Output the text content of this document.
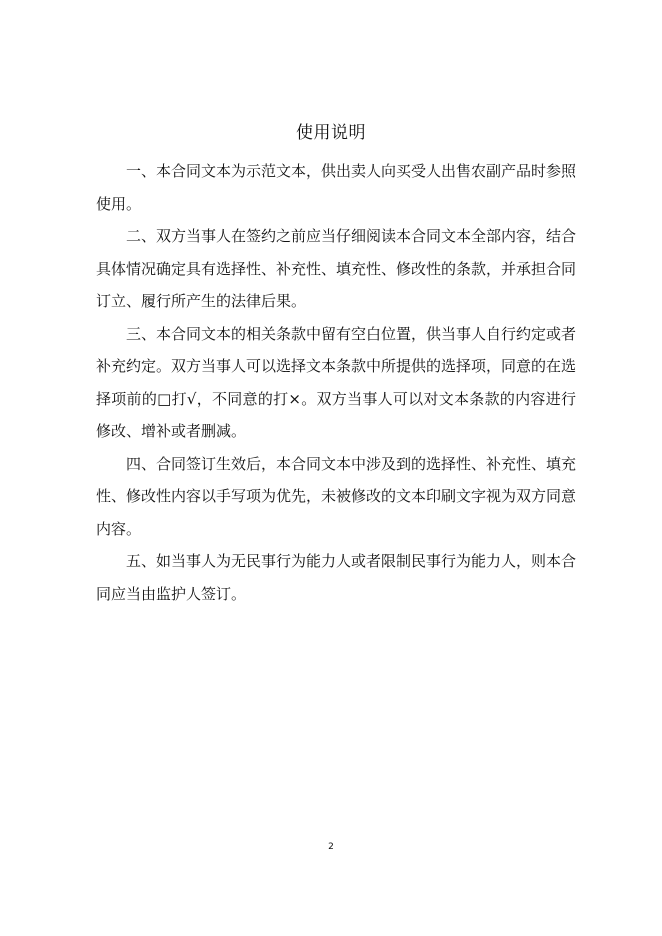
使用说明

一、本合同文本为示范文本，供出卖人向买受人出售农副产品时参照使用。

二、双方当事人在签约之前应当仔细阅读本合同文本全部内容，结合具体情况确定具有选择性、补充性、填充性、修改性的条款，并承担合同订立、履行所产生的法律后果。

三、本合同文本的相关条款中留有空白位置，供当事人自行约定或者补充约定。双方当事人可以选择文本条款中所提供的选择项，同意的在选择项前的□打√，不同意的打×。双方当事人可以对文本条款的内容进行修改、增补或者删减。

四、合同签订生效后，本合同文本中涉及到的选择性、补充性、填充性、修改性内容以手写项为优先，未被修改的文本印刷文字视为双方同意内容。

五、如当事人为无民事行为能力人或者限制民事行为能力人，则本合同应当由监护人签订。

2
